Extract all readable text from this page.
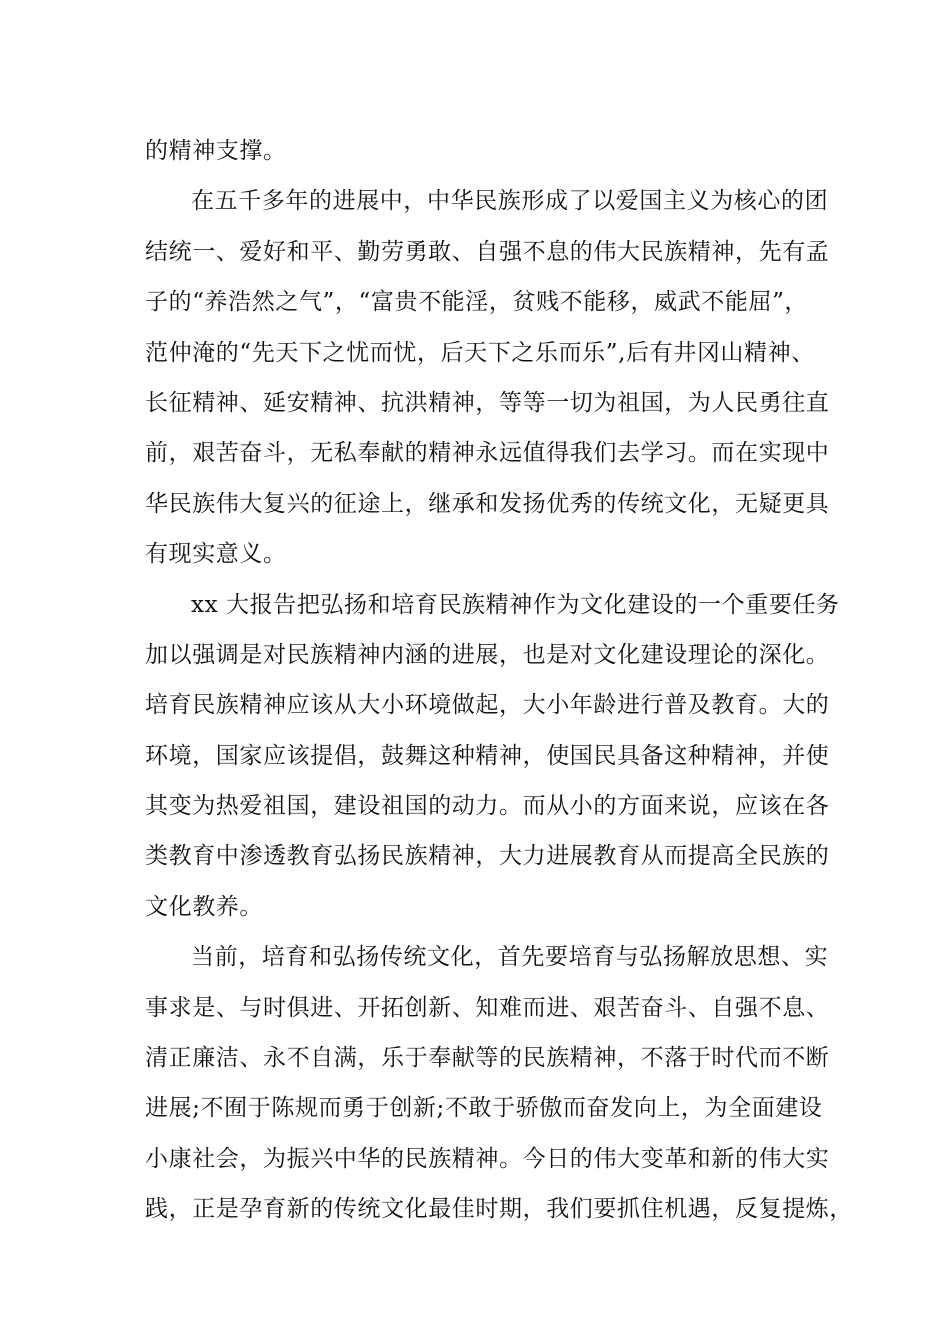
的精神支撑。
在五千多年的进展中，中华民族形成了以爱国主义为核心的团
结统一、爱好和平、勤劳勇敢、自强不息的伟大民族精神，先有孟
子的“养浩然之气”，“富贵不能淫，贫贱不能移，威武不能屈”，
范仲淹的“先天下之忧而忧，后天下之乐而乐”,后有井冈山精神、
长征精神、延安精神、抗洪精神，等等一切为祖国，为人民勇往直
前，艰苦奋斗，无私奉献的精神永远值得我们去学习。而在实现中
华民族伟大复兴的征途上，继承和发扬优秀的传统文化，无疑更具
有现实意义。
xx 大报告把弘扬和培育民族精神作为文化建设的一个重要任务
加以强调是对民族精神内涵的进展，也是对文化建设理论的深化。
培育民族精神应该从大小环境做起，大小年龄进行普及教育。大的
环境，国家应该提倡，鼓舞这种精神，使国民具备这种精神，并使
其变为热爱祖国，建设祖国的动力。而从小的方面来说，应该在各
类教育中渗透教育弘扬民族精神，大力进展教育从而提高全民族的
文化教养。
当前，培育和弘扬传统文化，首先要培育与弘扬解放思想、实
事求是、与时俱进、开拓创新、知难而进、艰苦奋斗、自强不息、
清正廉洁、永不自满，乐于奉献等的民族精神，不落于时代而不断
进展;不囿于陈规而勇于创新;不敢于骄傲而奋发向上，为全面建设
小康社会，为振兴中华的民族精神。今日的伟大变革和新的伟大实
践，正是孕育新的传统文化最佳时期，我们要抓住机遇，反复提炼，
